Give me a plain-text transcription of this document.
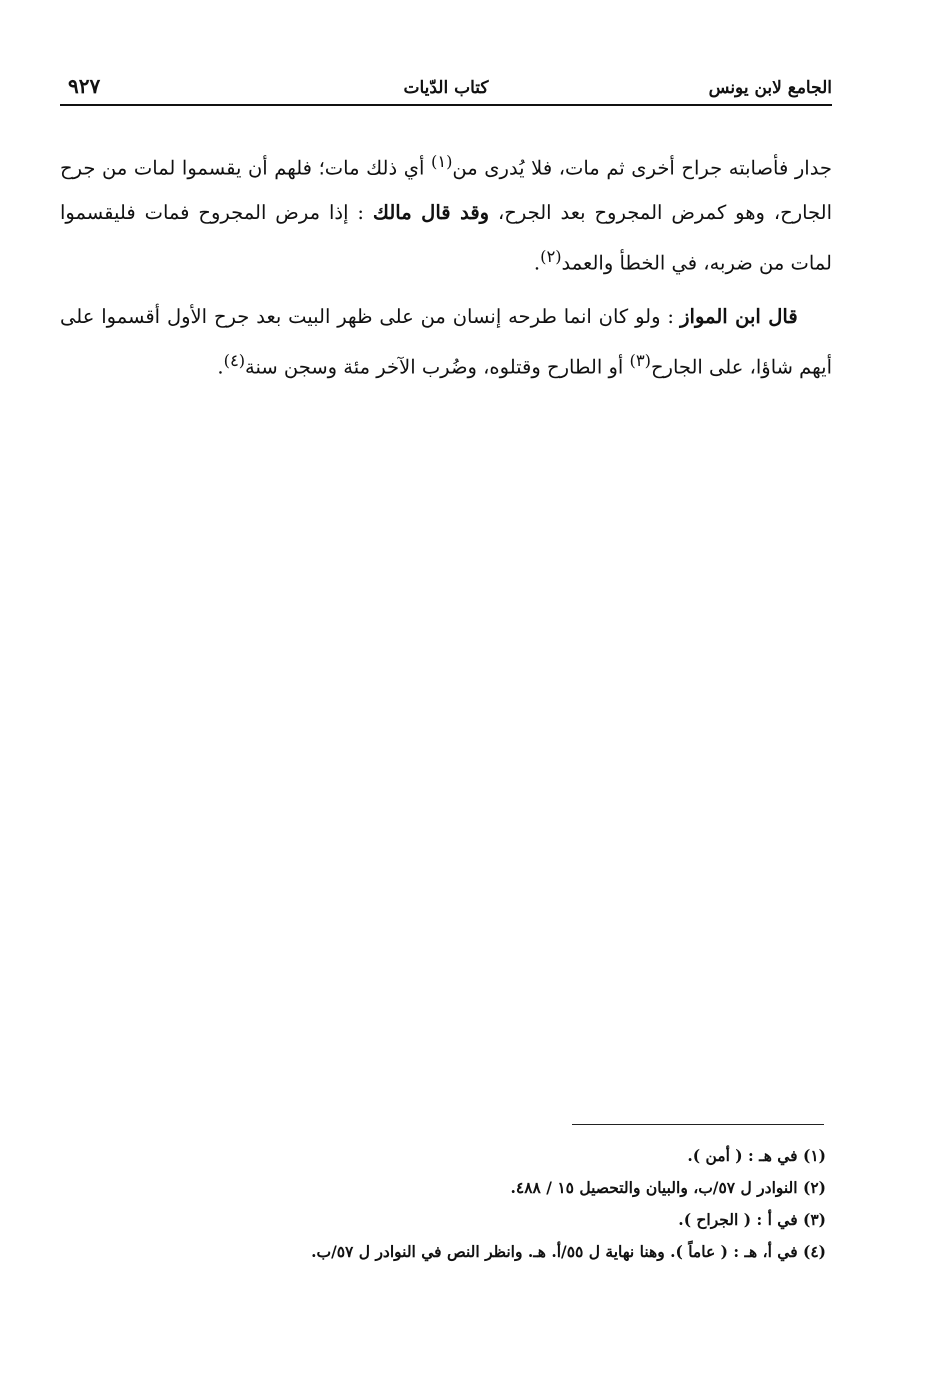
الجامع لابن يونس
كتاب الدّيات
٩٢٧

جدار فأصابته جراح أخرى ثم مات، فلا يُدرى من$^{(١)}$ أي ذلك مات؛ فلهم أن يقسموا لمات من جرح الجارح، وهو كمرض المجروح بعد الجرح، وقد قال مالك : إذا مرض المجروح فمات فليقسموا لمات من ضربه، في الخطأ والعمد$^{(٢)}$.

قال ابن المواز : ولو كان انما طرحه إنسان من على ظهر البيت بعد جرح الأول أقسموا على أيهم شاؤا، على الجارح$^{(٣)}$ أو الطارح وقتلوه، وضُرب الآخر مئة وسجن سنة$^{(٤)}$.

(١) في هـ : ( أمن ).
(٢) النوادر ل ٥٧/ب، والبيان والتحصيل ١٥ / ٤٨٨.
(٣) في أ : ( الجراح ).
(٤) في أ، هـ : ( عاماً ). وهنا نهاية ل ٥٥/أ. هـ. وانظر النص في النوادر ل ٥٧/ب.
